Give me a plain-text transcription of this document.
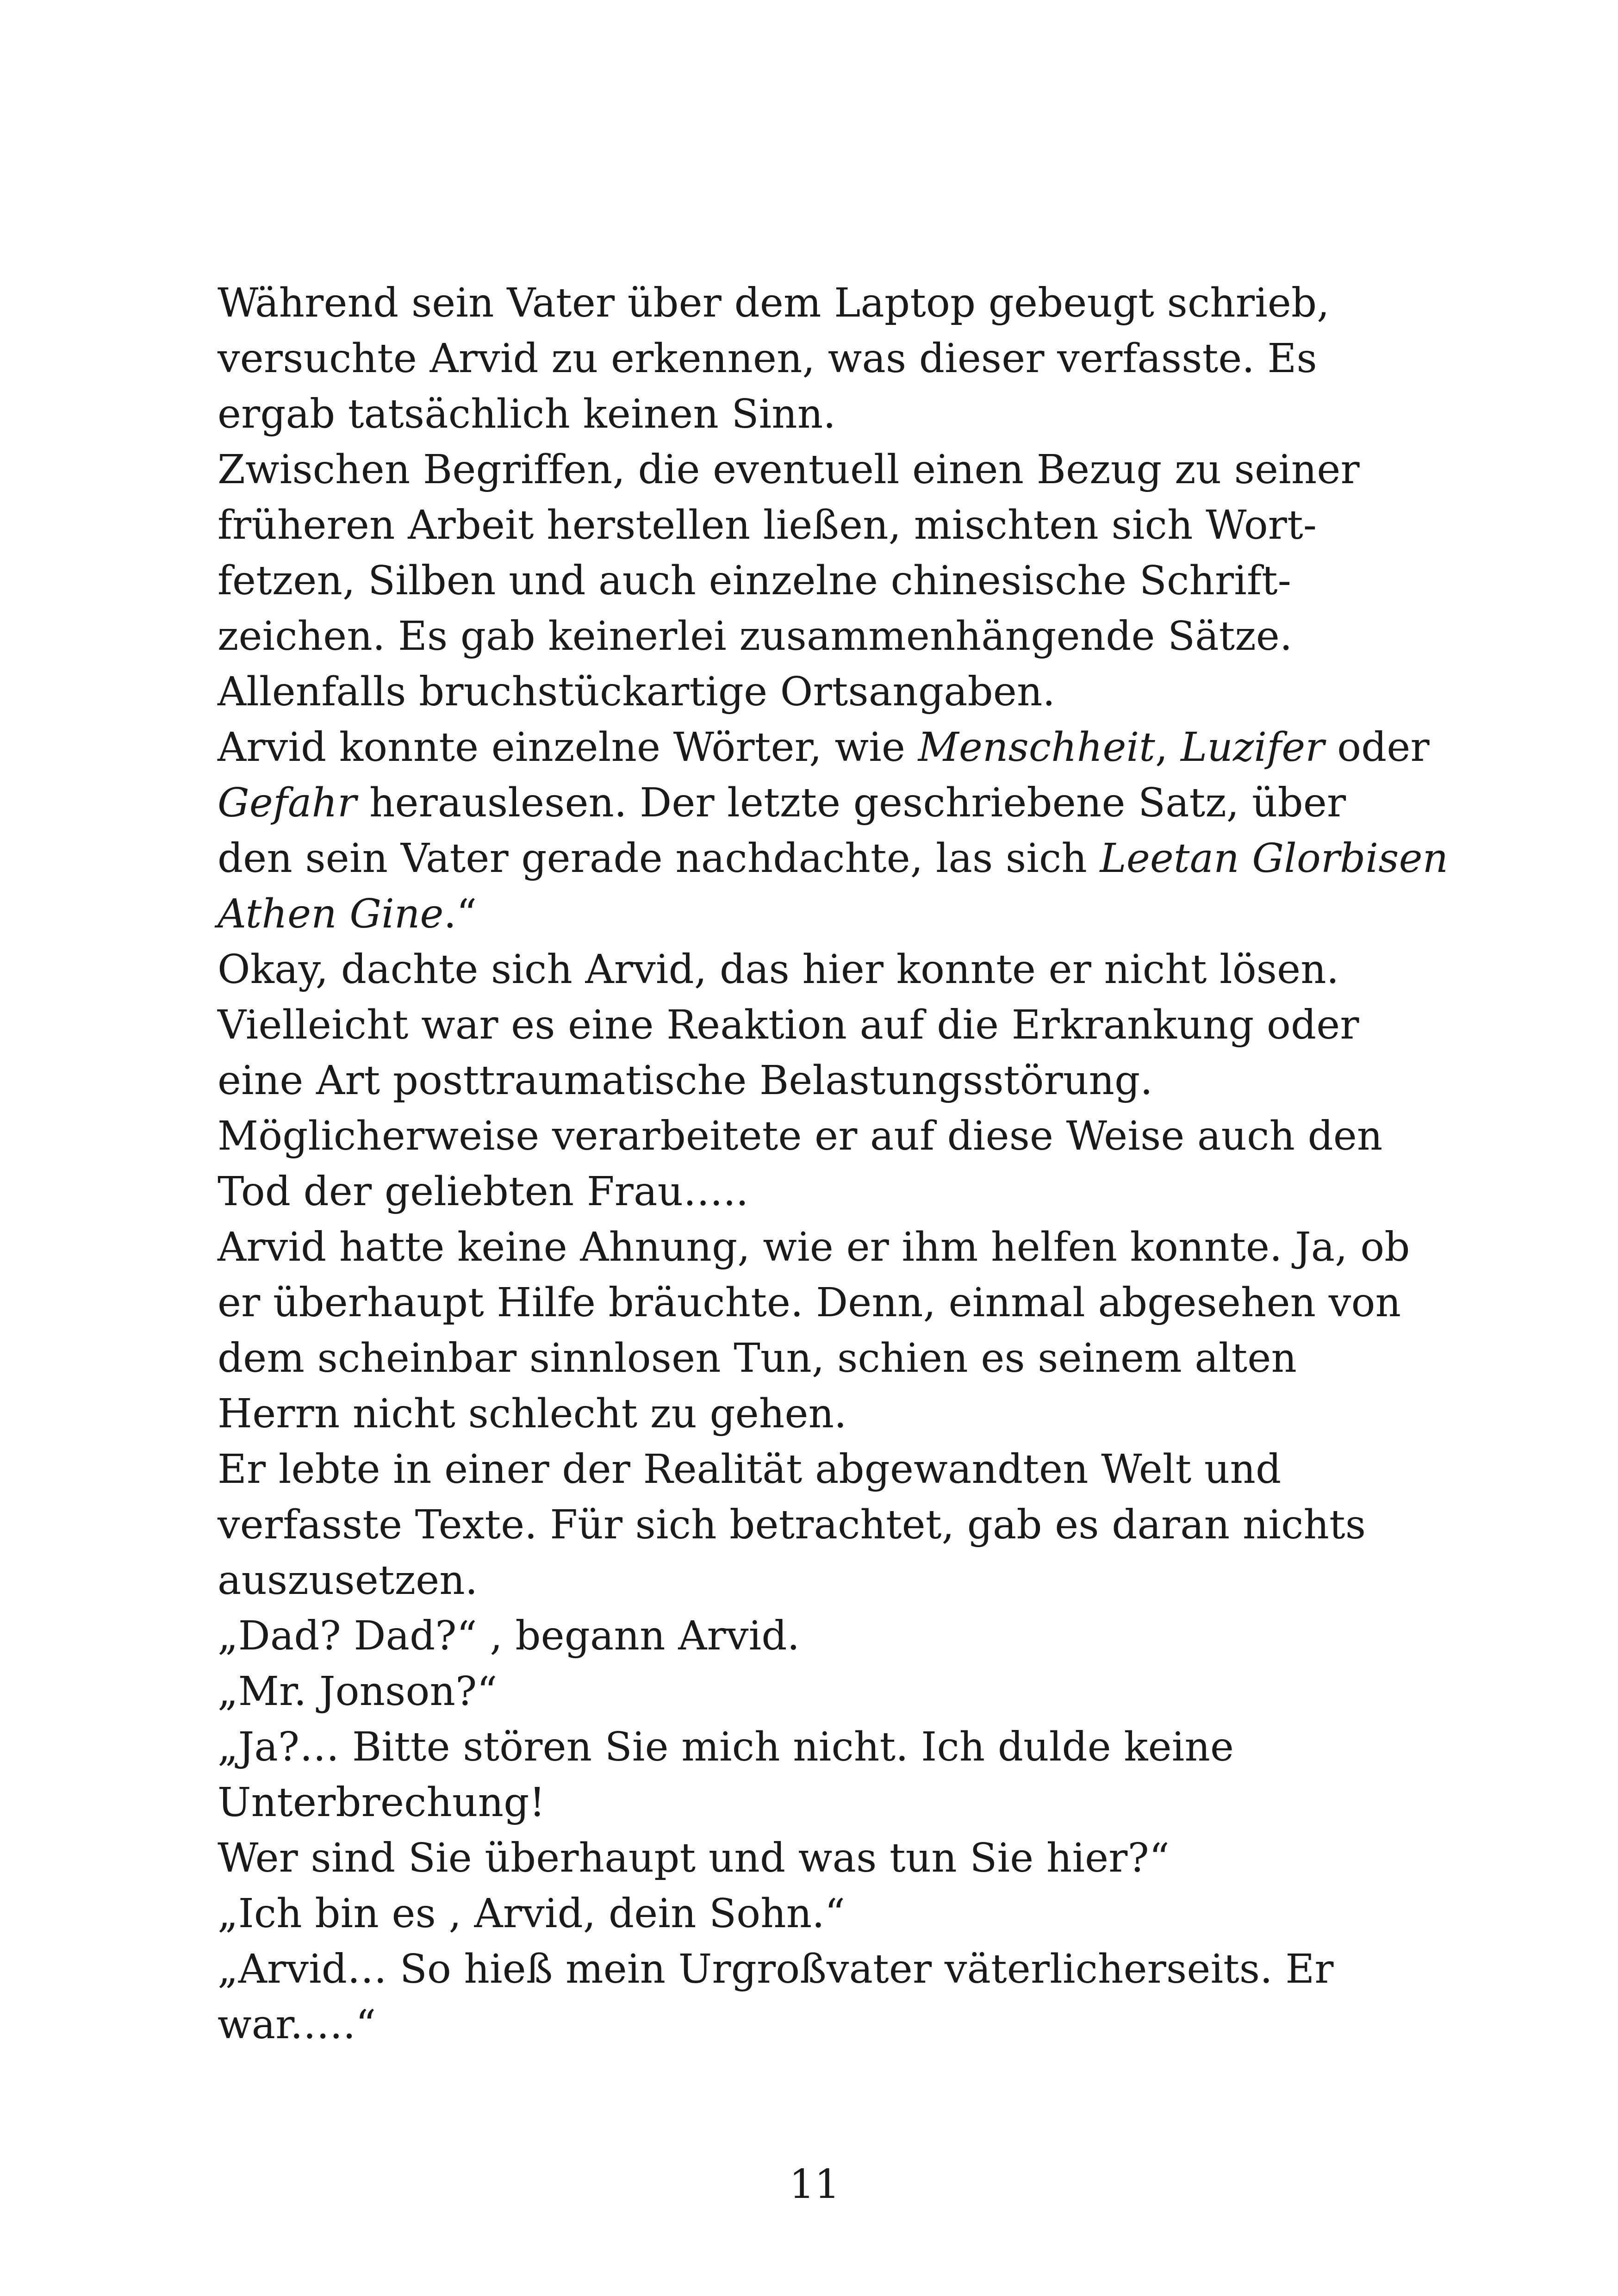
Während sein Vater über dem Laptop gebeugt schrieb,
versuchte Arvid zu erkennen, was dieser verfasste. Es
ergab tatsächlich keinen Sinn.
Zwischen Begriffen, die eventuell einen Bezug zu seiner
früheren Arbeit herstellen ließen, mischten sich Wort-
fetzen, Silben und auch einzelne chinesische Schrift-
zeichen. Es gab keinerlei zusammenhängende Sätze.
Allenfalls bruchstückartige Ortsangaben.
Arvid konnte einzelne Wörter, wie Menschheit, Luzifer oder
Gefahr herauslesen. Der letzte geschriebene Satz, über
den sein Vater gerade nachdachte, las sich Leetan Glorbisen
Athen Gine.“
Okay, dachte sich Arvid, das hier konnte er nicht lösen.
Vielleicht war es eine Reaktion auf die Erkrankung oder
eine Art posttraumatische Belastungsstörung.
Möglicherweise verarbeitete er auf diese Weise auch den
Tod der geliebten Frau…..
Arvid hatte keine Ahnung, wie er ihm helfen konnte. Ja, ob
er überhaupt Hilfe bräuchte. Denn, einmal abgesehen von
dem scheinbar sinnlosen Tun, schien es seinem alten
Herrn nicht schlecht zu gehen.
Er lebte in einer der Realität abgewandten Welt und
verfasste Texte. Für sich betrachtet, gab es daran nichts
auszusetzen.
„Dad? Dad?“ , begann Arvid.
„Mr. Jonson?“
„Ja?… Bitte stören Sie mich nicht. Ich dulde keine
Unterbrechung!
Wer sind Sie überhaupt und was tun Sie hier?“
„Ich bin es , Arvid, dein Sohn.“
„Arvid… So hieß mein Urgroßvater väterlicherseits. Er
war.….“
11
